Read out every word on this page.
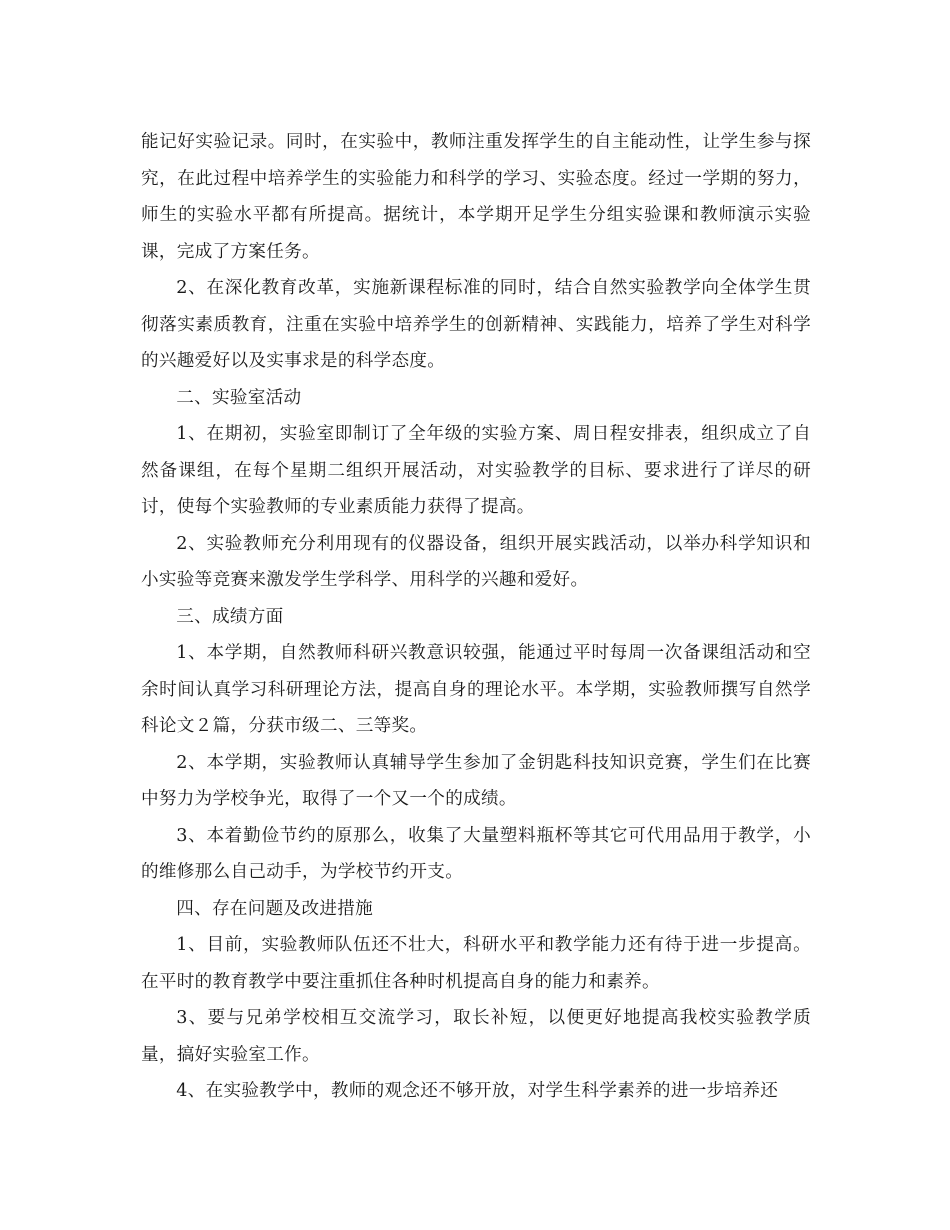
能记好实验记录。同时，在实验中，教师注重发挥学生的自主能动性，让学生参与探究，在此过程中培养学生的实验能力和科学的学习、实验态度。经过一学期的努力，师生的实验水平都有所提高。据统计，本学期开足学生分组实验课和教师演示实验课，完成了方案任务。

2、在深化教育改革，实施新课程标准的同时，结合自然实验教学向全体学生贯彻落实素质教育，注重在实验中培养学生的创新精神、实践能力，培养了学生对科学的兴趣爱好以及实事求是的科学态度。

二、实验室活动

1、在期初，实验室即制订了全年级的实验方案、周日程安排表，组织成立了自然备课组，在每个星期二组织开展活动，对实验教学的目标、要求进行了详尽的研讨，使每个实验教师的专业素质能力获得了提高。

2、实验教师充分利用现有的仪器设备，组织开展实践活动，以举办科学知识和小实验等竞赛来激发学生学科学、用科学的兴趣和爱好。

三、成绩方面

1、本学期，自然教师科研兴教意识较强，能通过平时每周一次备课组活动和空余时间认真学习科研理论方法，提高自身的理论水平。本学期，实验教师撰写自然学科论文２篇，分获市级二、三等奖。

2、本学期，实验教师认真辅导学生参加了金钥匙科技知识竞赛，学生们在比赛中努力为学校争光，取得了一个又一个的成绩。

3、本着勤俭节约的原那么，收集了大量塑料瓶杯等其它可代用品用于教学，小的维修那么自己动手，为学校节约开支。

四、存在问题及改进措施

1、目前，实验教师队伍还不壮大，科研水平和教学能力还有待于进一步提高。在平时的教育教学中要注重抓住各种时机提高自身的能力和素养。

3、要与兄弟学校相互交流学习，取长补短，以便更好地提高我校实验教学质量，搞好实验室工作。

4、在实验教学中，教师的观念还不够开放，对学生科学素养的进一步培养还
